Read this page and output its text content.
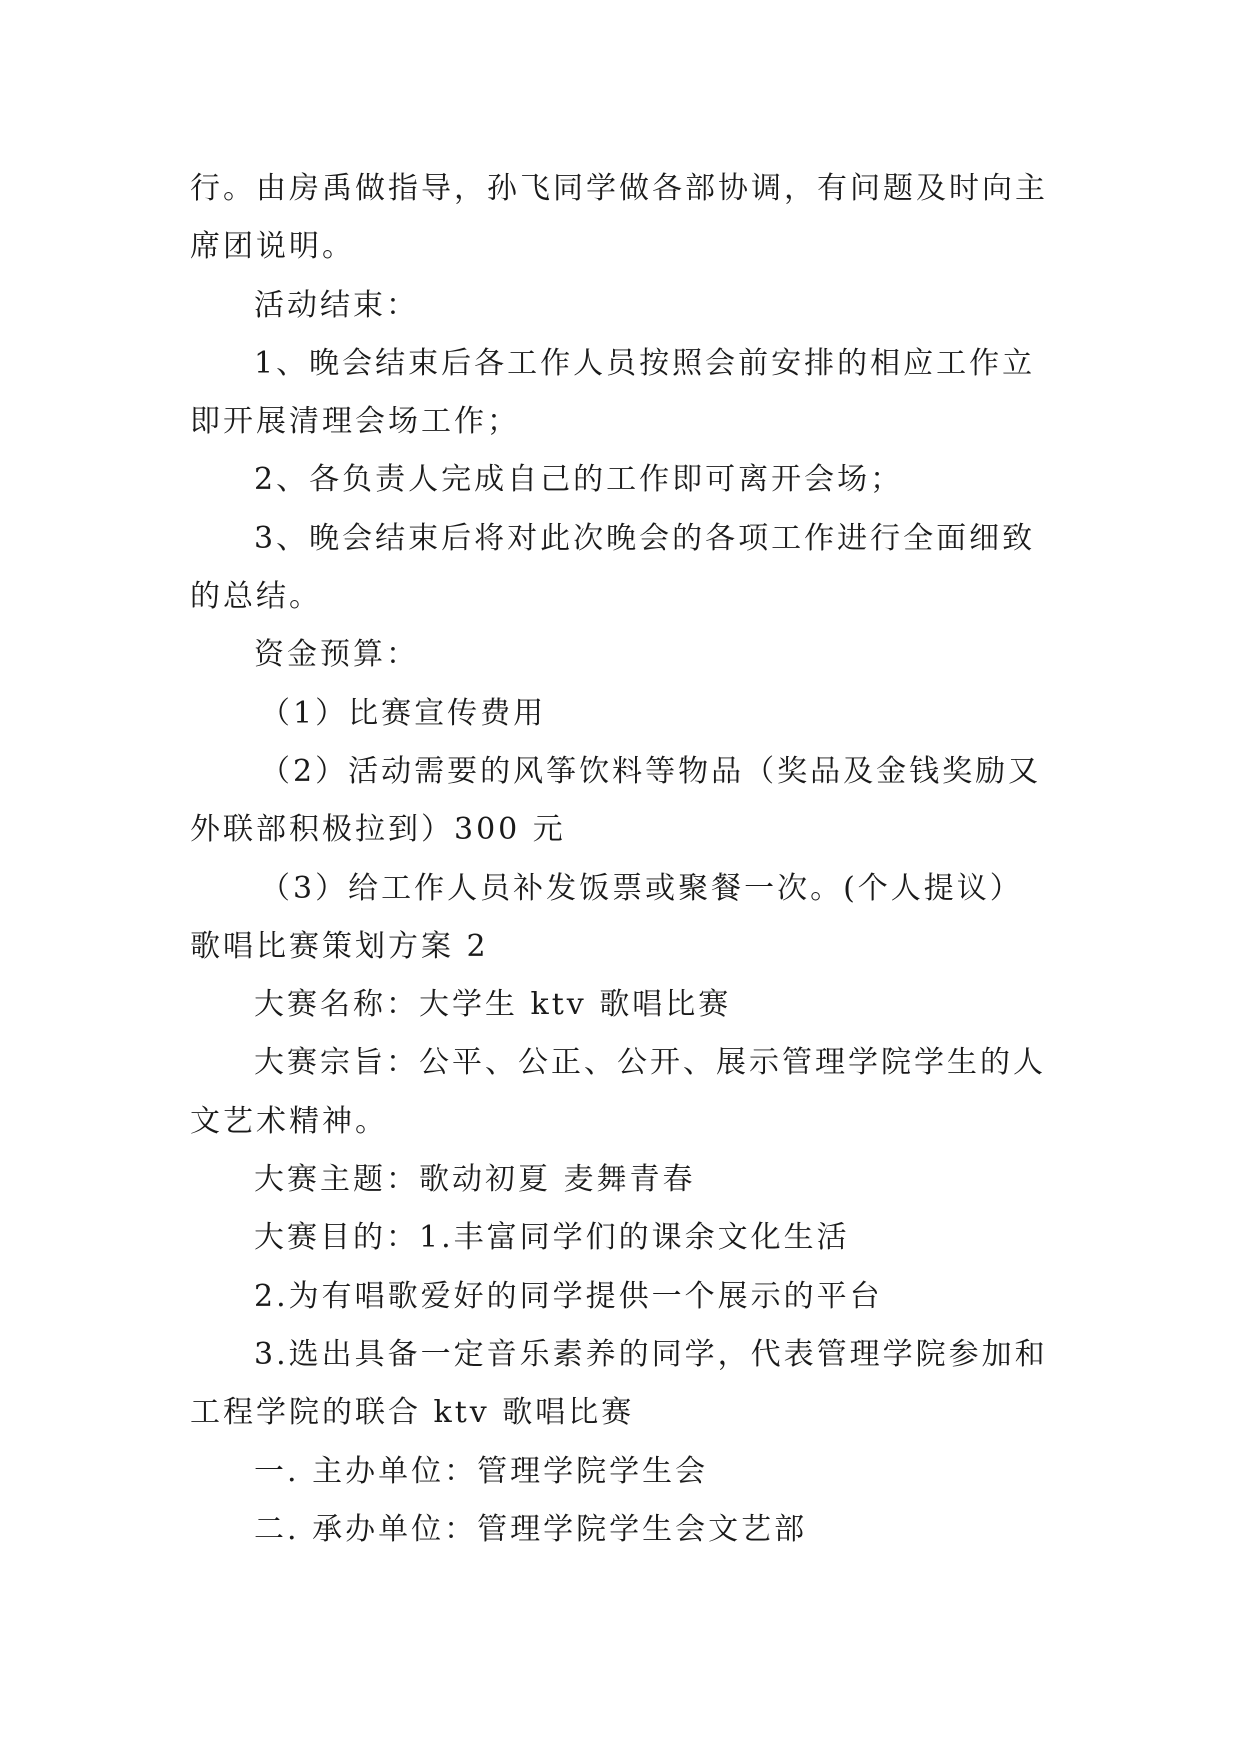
行。由房禹做指导，孙飞同学做各部协调，有问题及时向主
席团说明。
活动结束：
1、晚会结束后各工作人员按照会前安排的相应工作立
即开展清理会场工作；
2、各负责人完成自己的工作即可离开会场；
3、晚会结束后将对此次晚会的各项工作进行全面细致
的总结。
资金预算：
（1）比赛宣传费用
（2）活动需要的风筝饮料等物品（奖品及金钱奖励又
外联部积极拉到）300 元
（3）给工作人员补发饭票或聚餐一次。(个人提议）
歌唱比赛策划方案 2
大赛名称：大学生 ktv 歌唱比赛
大赛宗旨：公平、公正、公开、展示管理学院学生的人
文艺术精神。
大赛主题：歌动初夏 麦舞青春
大赛目的：1.丰富同学们的课余文化生活
2.为有唱歌爱好的同学提供一个展示的平台
3.选出具备一定音乐素养的同学，代表管理学院参加和
工程学院的联合 ktv 歌唱比赛
一. 主办单位：管理学院学生会
二. 承办单位：管理学院学生会文艺部
